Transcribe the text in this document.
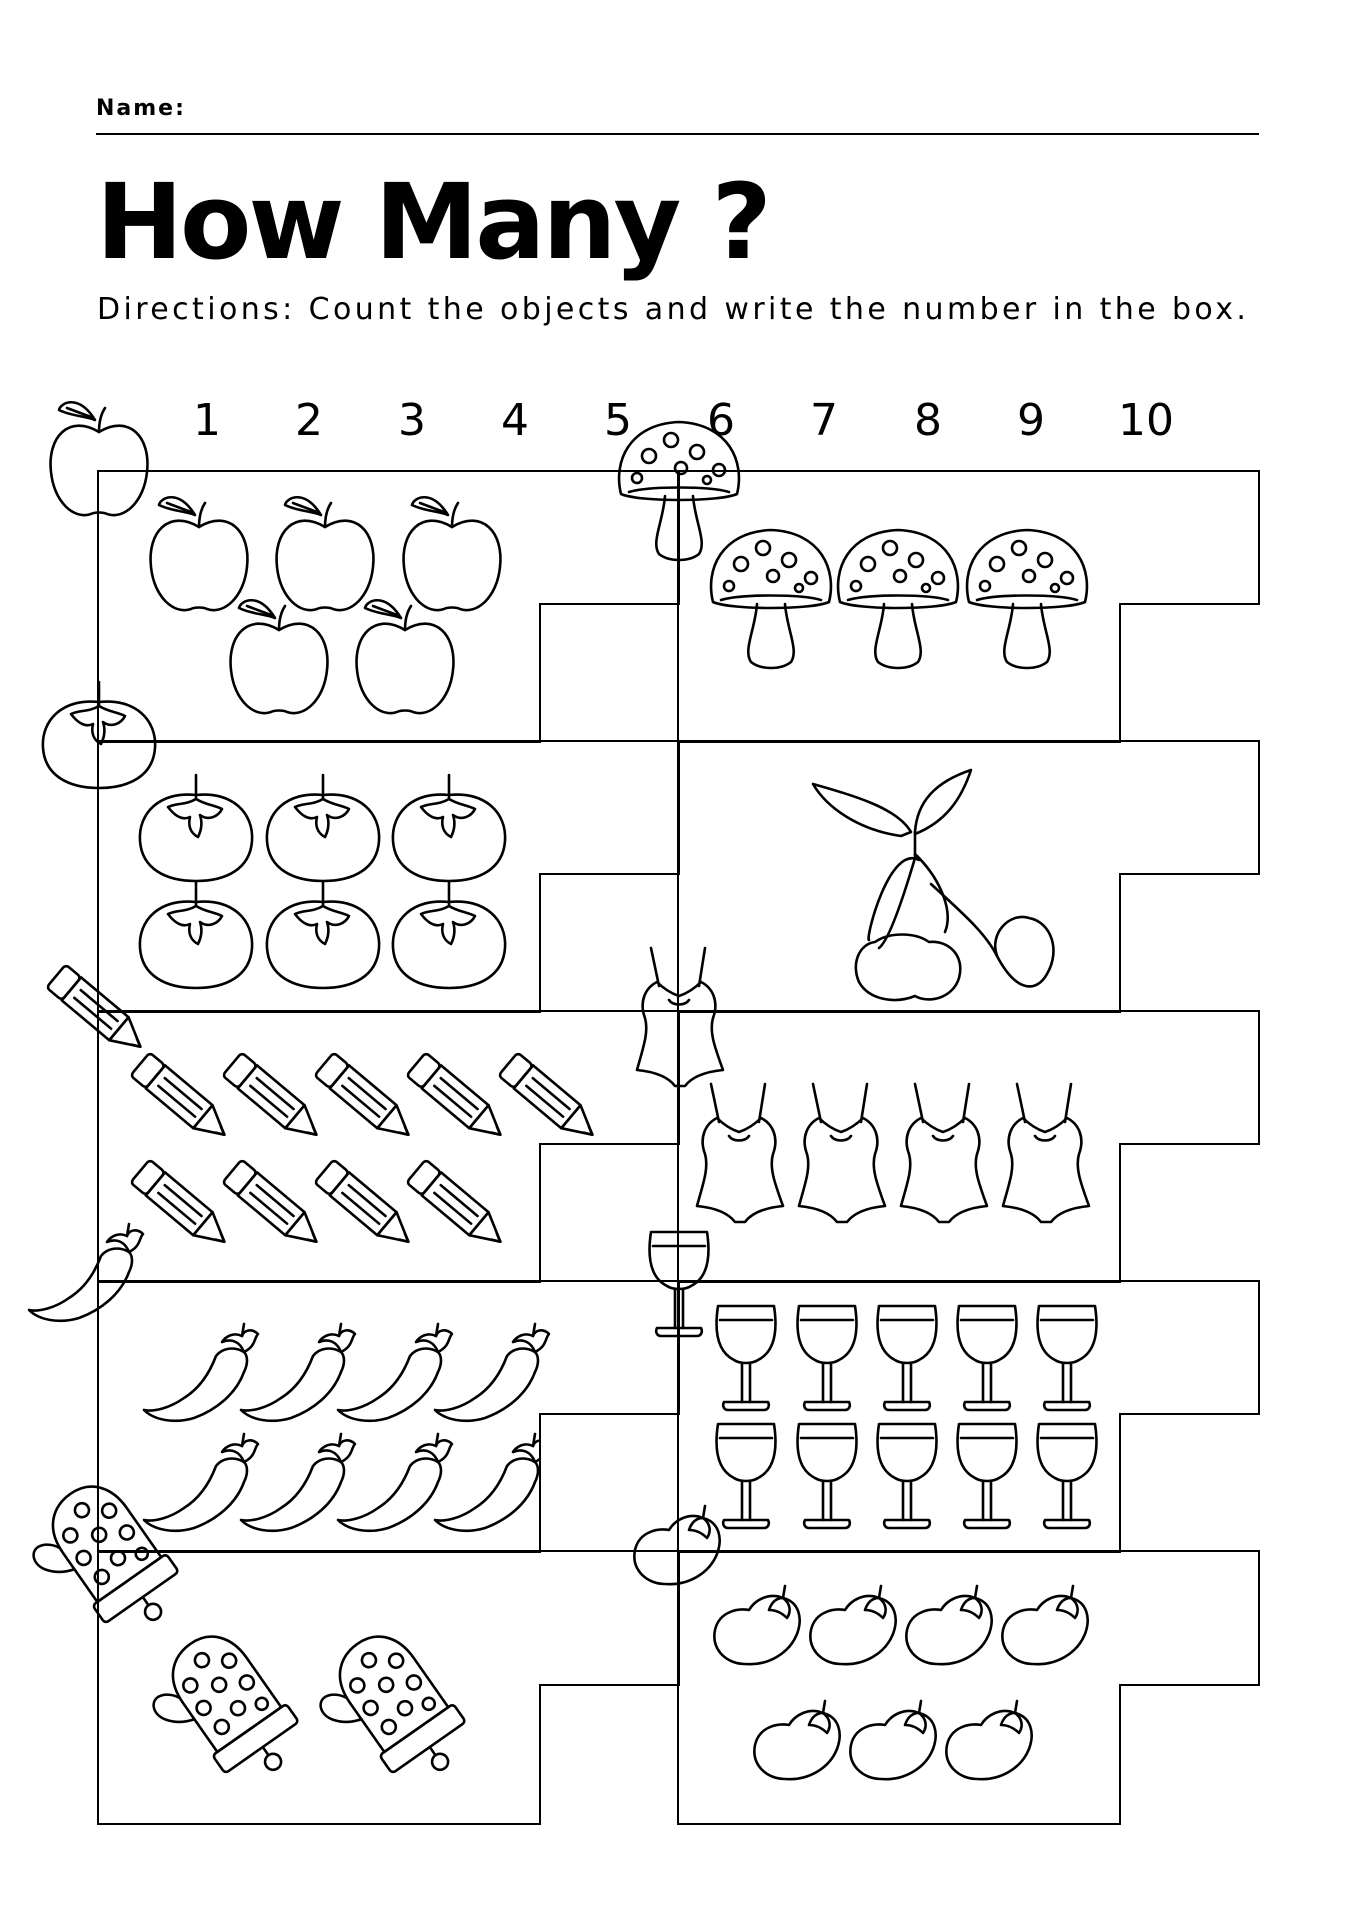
Name:
How Many ?
Directions: Count the objects and write the number in the box.
1	2	3	4	5	6	7	8	9	10
